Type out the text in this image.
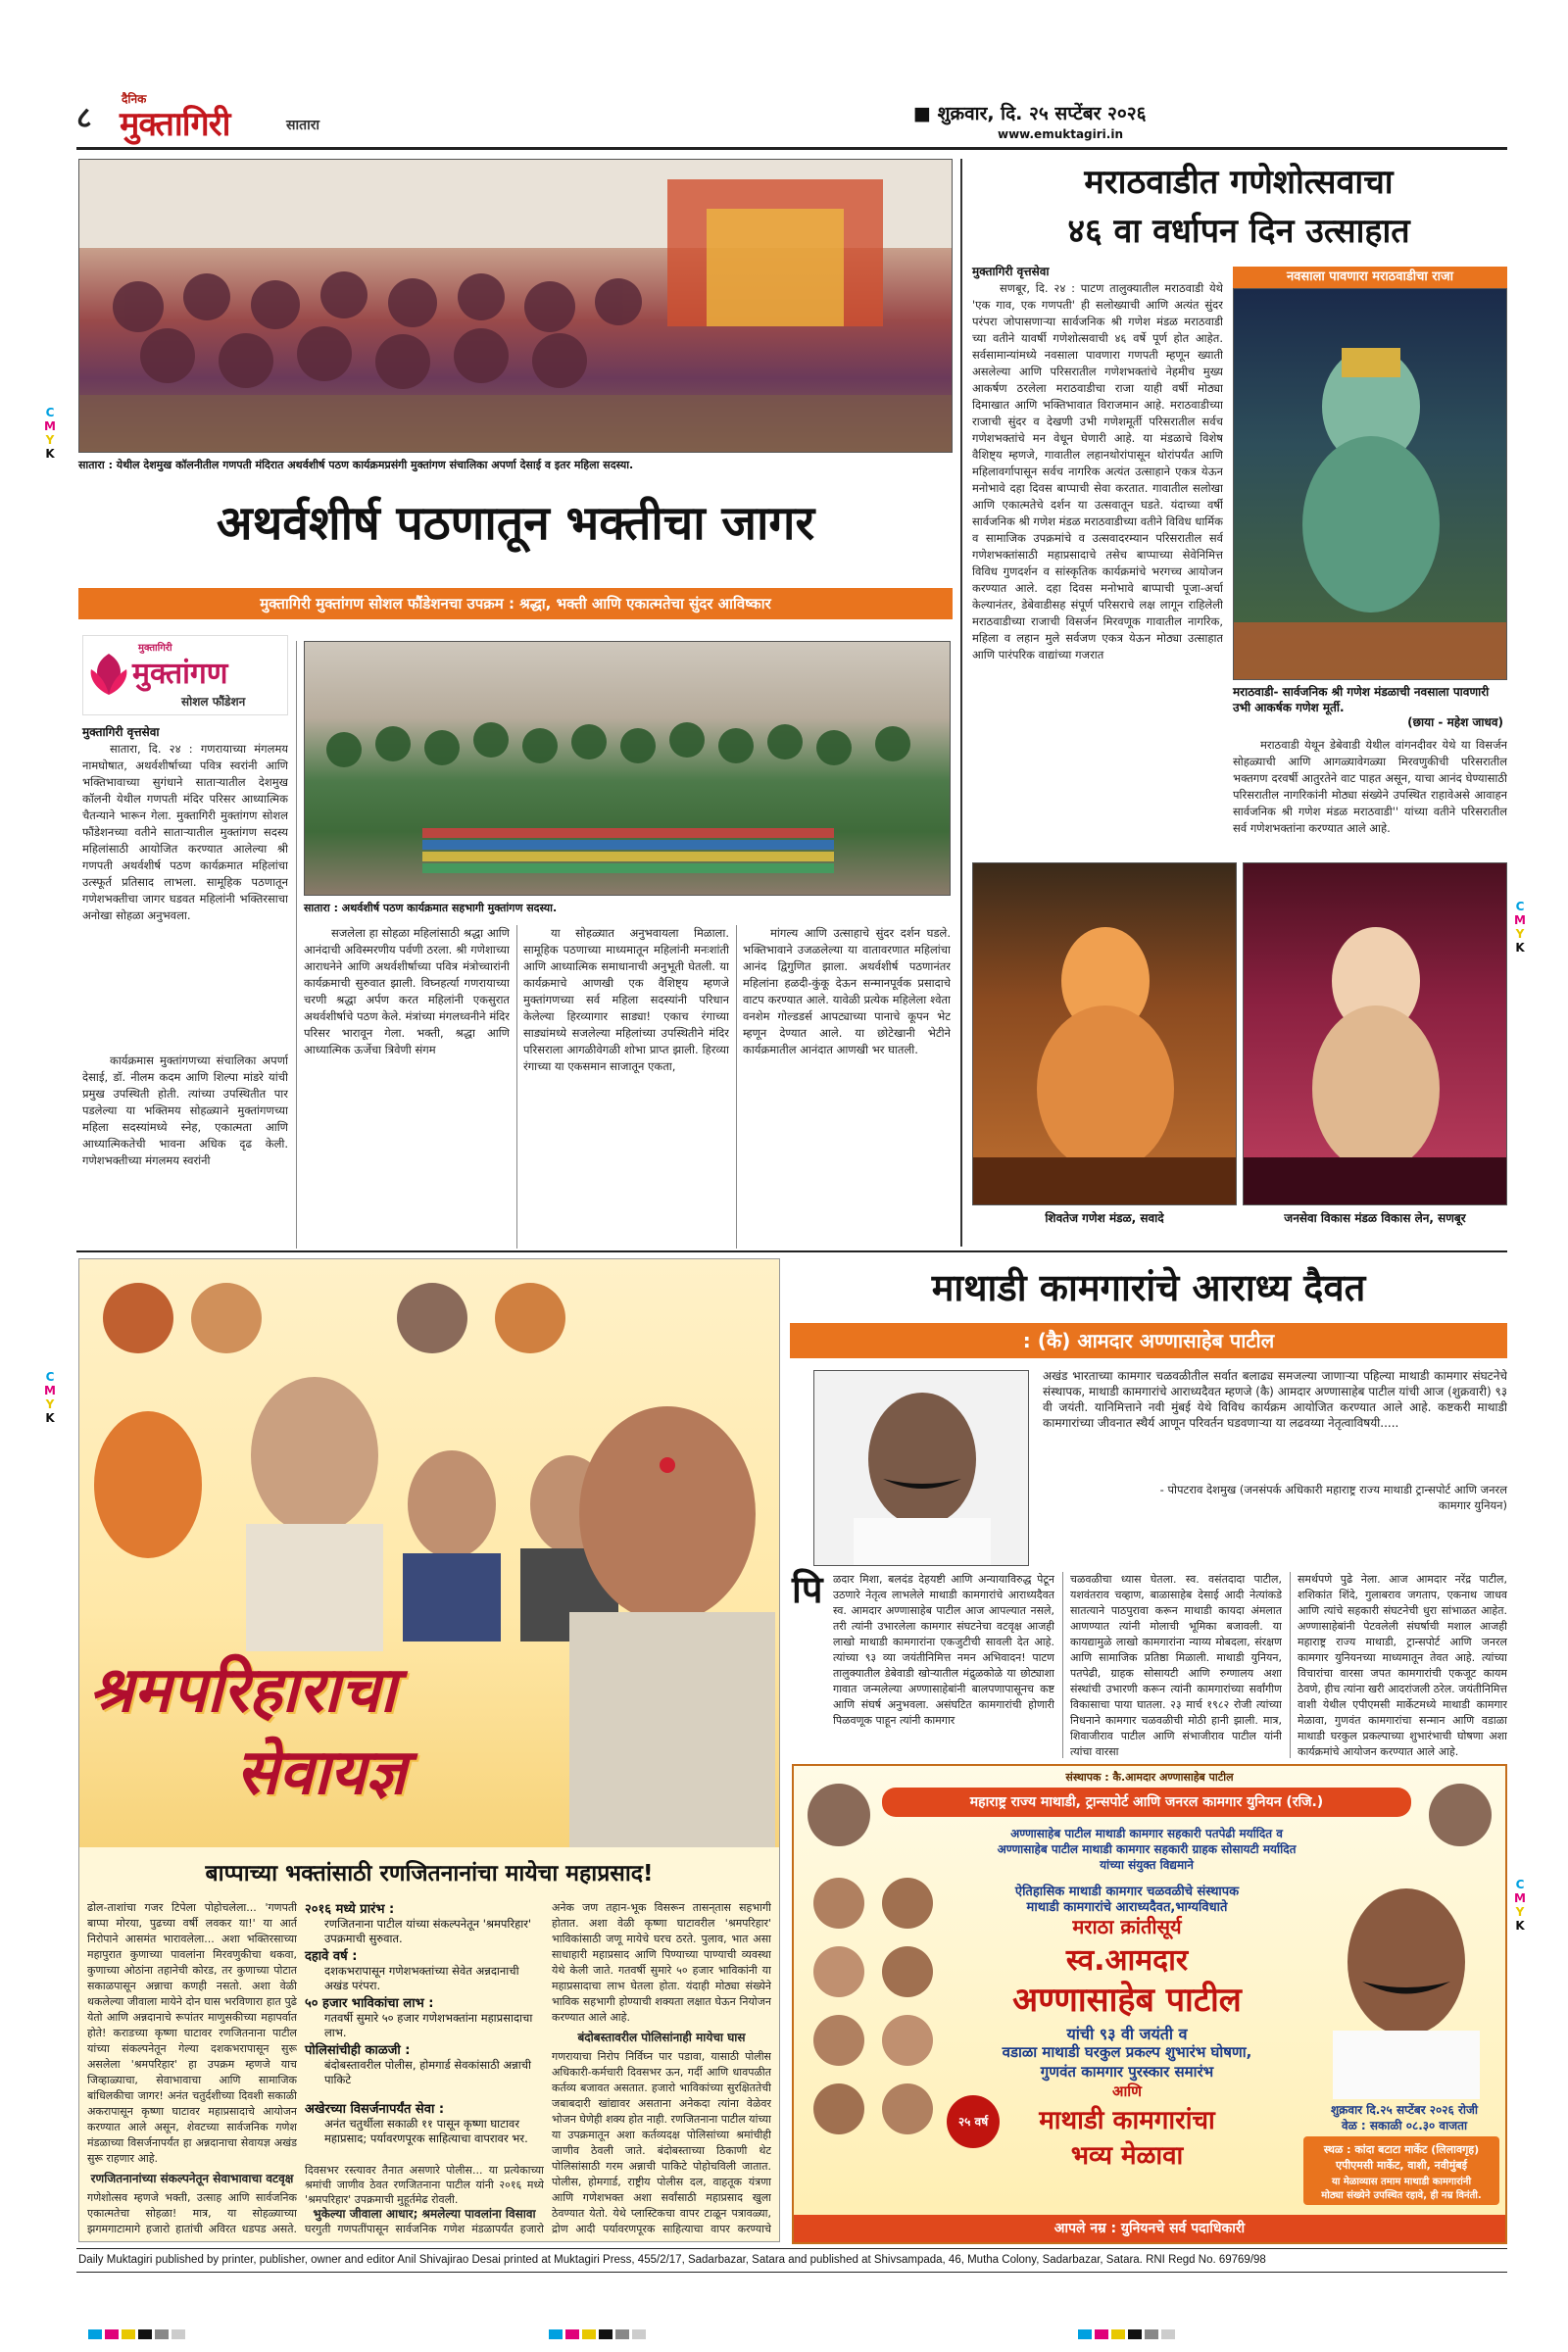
८
दैनिक
मुक्तागिरी	सातारा
■ शुक्रवार, दि. २५ सप्टेंबर २०२६
www.emuktagiri.in
C
M
Y
K
C
M
Y
K
C
M
Y
K
C
M
Y
K
सातारा : येथील देशमुख कॉलनीतील गणपती मंदिरात अथर्वशीर्ष पठण कार्यक्रमप्रसंगी मुक्तांगण संचालिका अपर्णा देसाई व इतर महिला सदस्या.
अथर्वशीर्ष पठणातून भक्तीचा जागर
मुक्तागिरी मुक्तांगण सोशल फौंडेशनचा उपक्रम : श्रद्धा, भक्ती आणि एकात्मतेचा सुंदर आविष्कार
मुक्तागिरी
मुक्तांगण
सोशल फौंडेशन
मुक्तागिरी वृत्तसेवा
सातारा, दि. २४ : गणरायाच्या मंगलमय नामघोषात, अथर्वशीर्षाच्या पवित्र स्वरांनी आणि भक्तिभावाच्या सुगंधाने सातार्‍यातील देशमुख कॉलनी येथील गणपती मंदिर परिसर आध्यात्मिक चैतन्याने भारून गेला. मुक्तागिरी मुक्तांगण सोशल फौंडेशनच्या वतीने सातार्‍यातील मुक्तांगण सदस्य महिलांसाठी आयोजित करण्यात आलेल्या श्री गणपती अथर्वशीर्ष पठण कार्यक्रमात महिलांचा उत्स्फूर्त प्रतिसाद लाभला. सामूहिक पठणातून गणेशभक्तीचा जागर घडवत महिलांनी भक्तिरसाचा अनोखा सोहळा अनुभवला.
कार्यक्रमास मुक्तांगणच्या संचालिका अपर्णा देसाई, डॉ. नीलम कदम आणि शिल्पा मांडरे यांची प्रमुख उपस्थिती होती. त्यांच्या उपस्थितीत पार पडलेल्या या भक्तिमय सोहळ्याने मुक्तांगणच्या महिला सदस्यांमध्ये स्नेह, एकात्मता आणि आध्यात्मिकतेची भावना अधिक दृढ केली. गणेशभक्तीच्या मंगलमय स्वरांनी
सातारा : अथर्वशीर्ष पठण कार्यक्रमात सहभागी मुक्तांगण सदस्या.
सजलेला हा सोहळा महिलांसाठी श्रद्धा आणि आनंदाची अविस्मरणीय पर्वणी ठरला. श्री गणेशाच्या आराधनेने आणि अथर्वशीर्षाच्या पवित्र मंत्रोच्चारांनी कार्यक्रमाची सुरुवात झाली. विघ्नहर्त्या गणरायाच्या चरणी श्रद्धा अर्पण करत महिलांनी एकसुरात अथर्वशीर्षाचे पठण केले. मंत्रांच्या मंगलध्वनीने मंदिर परिसर भारावून गेला. भक्ती, श्रद्धा आणि आध्यात्मिक ऊर्जेचा त्रिवेणी संगम
या सोहळ्यात अनुभवायला मिळाला. सामूहिक पठणाच्या माध्यमातून महिलांनी मनःशांती आणि आध्यात्मिक समाधानाची अनुभूती घेतली. या कार्यक्रमाचे आणखी एक वैशिष्ट्य म्हणजे मुक्तांगणच्या सर्व महिला सदस्यांनी परिधान केलेल्या हिरव्यागार साड्या! एकाच रंगाच्या साड्यांमध्ये सजलेल्या महिलांच्या उपस्थितीने मंदिर परिसराला आगळीवेगळी शोभा प्राप्त झाली. हिरव्या रंगाच्या या एकसमान साजातून एकता,
मांगल्य आणि उत्साहाचे सुंदर दर्शन घडले. भक्तिभावाने उजळलेल्या या वातावरणात महिलांचा आनंद द्विगुणित झाला. अथर्वशीर्ष पठणानंतर महिलांना हळदी-कुंकू देऊन सन्मानपूर्वक प्रसादाचे वाटप करण्यात आले. यावेळी प्रत्येक महिलेला श्वेता वनशेम गोल्डडर्स आपट्याच्या पानाचे कूपन भेट म्हणून देण्यात आले. या छोटेखानी भेटीने कार्यक्रमातील आनंदात आणखी भर घातली.
मराठवाडीत गणेशोत्सवाचा
४६ वा वर्धापन दिन उत्साहात
मुक्तागिरी वृत्तसेवा
सणबूर, दि. २४ : पाटण तालुक्यातील मराठवाडी येथे 'एक गाव, एक गणपती' ही सलोख्याची आणि अत्यंत सुंदर परंपरा जोपासणाऱ्या सार्वजनिक श्री गणेश मंडळ मराठवाडी च्या वतीने यावर्षी गणेशोत्सवाची ४६ वर्षे पूर्ण होत आहेत. सर्वसामान्यांमध्ये नवसाला पावणारा गणपती म्हणून ख्याती असलेल्या आणि परिसरातील गणेशभक्तांचे नेहमीच मुख्य आकर्षण ठरलेला मराठवाडीचा राजा याही वर्षी मोठ्या दिमाखात आणि भक्तिभावात विराजमान आहे. मराठवाडीच्या राजाची सुंदर व देखणी उभी गणेशमूर्ती परिसरातील सर्वच गणेशभक्तांचे मन वेधून घेणारी आहे. या मंडळाचे विशेष वैशिष्ट्य म्हणजे, गावातील लहानथोरांपासून थोरांपर्यंत आणि महिलावर्गापासून सर्वच नागरिक अत्यंत उत्साहाने एकत्र येऊन मनोभावे दहा दिवस बाप्पाची सेवा करतात. गावातील सलोखा आणि एकात्मतेचे दर्शन या उत्सवातून घडते. यंदाच्या वर्षी सार्वजनिक श्री गणेश मंडळ मराठवाडीच्या वतीने विविध धार्मिक व सामाजिक उपक्रमांचे व उत्सवादरम्यान परिसरातील सर्व गणेशभक्तांसाठी महाप्रसादाचे तसेच बाप्पाच्या सेवेनिमित्त विविध गुणदर्शन व सांस्कृतिक कार्यक्रमांचे भरगच्च आयोजन करण्यात आले. दहा दिवस मनोभावे बाप्पाची पूजा-अर्चा केल्यानंतर, डेबेवाडीसह संपूर्ण परिसराचे लक्ष लागून राहिलेली मराठवाडीच्या राजाची विसर्जन मिरवणूक गावातील नागरिक, महिला व लहान मुले सर्वजण एकत्र येऊन मोठ्या उत्साहात आणि पारंपरिक वाद्यांच्या गजरात
नवसाला पावणारा मराठवाडीचा राजा
मराठवाडी- सार्वजनिक श्री गणेश मंडळाची नवसाला पावणारी उभी आकर्षक गणेश मूर्ती.
(छाया - महेश जाधव)
मराठवाडी येथून डेबेवाडी येथील वांगनदीवर येथे या विसर्जन सोहळ्याची आणि आगळ्यावेगळ्या मिरवणुकीची परिसरातील भक्तगण दरवर्षी आतुरतेने वाट पाहत असून, याचा आनंद घेण्यासाठी परिसरातील नागरिकांनी मोठ्या संख्येने उपस्थित राहावेअसे आवाहन सार्वजनिक श्री गणेश मंडळ मराठवाडी'' यांच्या वतीने परिसरातील सर्व गणेशभक्तांना करण्यात आले आहे.
शिवतेज गणेश मंडळ, सवादे	जनसेवा विकास मंडळ विकास लेन, सणबूर
श्रमपरिहाराचा
सेवायज्ञ
बाप्पाच्या भक्तांसाठी रणजितनानांचा मायेचा महाप्रसाद!
ढोल-ताशांचा गजर टिपेला पोहोचलेला... 'गणपती बाप्पा मोरया, पुढच्या वर्षी लवकर या!' या आर्त निरोपाने आसमंत भारावलेला... अशा भक्तिरसाच्या महापुरात कुणाच्या पावलांना मिरवणुकीचा थकवा, कुणाच्या ओठांना तहानेची कोरड, तर कुणाच्या पोटात सकाळपासून अन्नाचा कणही नसतो. अशा वेळी थकलेल्या जीवाला मायेने दोन घास भरविणारा हात पुढे येतो आणि अन्नदानाचे रूपांतर माणुसकीच्या महापर्वात होते! कराडच्या कृष्णा घाटावर रणजितनाना पाटील यांच्या संकल्पनेतून गेल्या दशकभरापासून सुरू असलेला 'श्रमपरिहार' हा उपक्रम म्हणजे याच जिव्हाळ्याचा, सेवाभावाचा आणि सामाजिक बांधिलकीचा जागर! अनंत चतुर्दशीच्या दिवशी सकाळी अकरापासून कृष्णा घाटावर महाप्रसादाचे आयोजन करण्यात आले असून, शेवटच्या सार्वजनिक गणेश मंडळाच्या विसर्जनापर्यंत हा अन्नदानाचा सेवायज्ञ अखंड सुरू राहणार आहे.
रणजितनानांच्या संकल्पनेतून सेवाभावाचा वटवृक्ष
गणेशोत्सव म्हणजे भक्ती, उत्साह आणि सार्वजनिक एकात्मतेचा सोहळा! मात्र, या सोहळ्याच्या झगमगाटामागे हजारो हातांची अविरत धडपड असते.
२०१६ मध्ये प्रारंभ :
रणजितनाना पाटील यांच्या संकल्पनेतून 'श्रमपरिहार' उपक्रमाची सुरुवात.
दहावे वर्ष :
दशकभरापासून गणेशभक्तांच्या सेवेत अन्नदानाची अखंड परंपरा.
५० हजार भाविकांचा लाभ :
गतवर्षी सुमारे ५० हजार गणेशभक्तांना महाप्रसादाचा लाभ.
पोलिसांचीही काळजी :
बंदोबस्तावरील पोलीस, होमगार्ड सेवकांसाठी अन्नाची पाकिटे
अखेरच्या विसर्जनापर्यंत सेवा :
अनंत चतुर्थीला सकाळी ११ पासून कृष्णा घाटावर महाप्रसाद; पर्यावरणपूरक साहित्याचा वापरावर भर.
दिवसभर रस्त्यावर तैनात असणारे पोलीस... या प्रत्येकाच्या श्रमांची जाणीव ठेवत रणजितनाना पाटील यांनी २०१६ मध्ये 'श्रमपरिहार' उपक्रमाची मुहूर्तमेढ रोवली.
भुकेल्या जीवाला आधार; श्रमलेल्या पावलांना विसावा
घरगुती गणपतींपासून सार्वजनिक गणेश मंडळापर्यंत हजारो
अनेक जण तहान-भूक विसरून तासन्‌तास सहभागी होतात. अशा वेळी कृष्णा घाटावरील 'श्रमपरिहार' भाविकांसाठी जणू मायेचे घरच ठरते. पुलाव, भात असा साधाहारी महाप्रसाद आणि पिण्याच्या पाण्याची व्यवस्था येथे केली जाते. गतवर्षी सुमारे ५० हजार भाविकांनी या महाप्रसादाचा लाभ घेतला होता. यंदाही मोठ्या संख्येने भाविक सहभागी होण्याची शक्यता लक्षात घेऊन नियोजन करण्यात आले आहे.
बंदोबस्तावरील पोलिसांनाही मायेचा घास
गणरायाचा निरोप निर्विघ्न पार पडावा, यासाठी पोलीस अधिकारी-कर्मचारी दिवसभर ऊन, गर्दी आणि धावपळीत कर्तव्य बजावत असतात. हजारो भाविकांच्या सुरक्षिततेची जबाबदारी खांद्यावर असताना अनेकदा त्यांना वेळेवर भोजन घेणेही शक्य होत नाही. रणजितनाना पाटील यांच्या या उपक्रमातून अशा कर्तव्यदक्ष पोलिसांच्या श्रमांचीही जाणीव ठेवली जाते. बंदोबस्ताच्या ठिकाणी थेट पोलिसांसाठी गरम अन्नाची पाकिटे पोहोचविली जातात. पोलीस, होमगार्ड, राष्ट्रीय पोलीस दल, वाहतूक यंत्रणा आणि गणेशभक्त अशा सर्वांसाठी महाप्रसाद खुला ठेवण्यात येतो. येथे प्लास्टिकचा वापर टाळून पत्रावळ्या, द्रोण आदी पर्यावरणपूरक साहित्याचा वापर करण्याचे
माथाडी कामगारांचे आराध्य दैवत
: (कै) आमदार अण्णासाहेब पाटील
अखंड भारताच्या कामगार चळवळीतील सर्वात बलाढ्य समजल्या जाणाऱ्या पहिल्या माथाडी कामगार संघटनेचे संस्थापक, माथाडी कामगारांचे आराध्यदैवत म्हणजे (कै) आमदार अण्णासाहेब पाटील यांची आज (शुक्रवारी) ९३ वी जयंती. यानिमित्ताने नवी मुंबई येथे विविध कार्यक्रम आयोजित करण्यात आले आहे. कष्टकरी माथाडी कामगारांच्या जीवनात स्थैर्य आणून परिवर्तन घडवणाऱ्या या लढवय्या नेतृत्वाविषयी.....
- पोपटराव देशमुख (जनसंपर्क अधिकारी महाराष्ट्र राज्य माथाडी ट्रान्सपोर्ट आणि जनरल कामगार युनियन)
पि ळदार मिशा, बलदंड देहयष्टी आणि अन्यायाविरुद्ध पेटून उठणारे नेतृत्व लाभलेले माथाडी कामगारांचे आराध्यदैवत स्व. आमदार अण्णासाहेब पाटील आज आपल्यात नसले, तरी त्यांनी उभारलेला कामगार संघटनेचा वटवृक्ष आजही लाखो माथाडी कामगारांना एकजुटीची सावली देत आहे. त्यांच्या ९३ व्या जयंतीनिमित्त नमन अभिवादन! पाटण तालुक्यातील डेबेवाडी खोऱ्यातील मंद्रुळकोळे या छोट्याशा गावात जन्मलेल्या अण्णासाहेबांनी बालपणापासूनच कष्ट आणि संघर्ष अनुभवला. असंघटित कामगारांची होणारी पिळवणूक पाहून त्यांनी कामगार
चळवळीचा ध्यास घेतला. स्व. वसंतदादा पाटील, यशवंतराव चव्हाण, बाळासाहेब देसाई आदी नेत्यांकडे सातत्याने पाठपुरावा करून माथाडी कायदा अंमलात आणण्यात त्यांनी मोलाची भूमिका बजावली. या कायद्यामुळे लाखो कामगारांना न्याय्य मोबदला, संरक्षण आणि सामाजिक प्रतिष्ठा मिळाली. माथाडी युनियन, पतपेढी, ग्राहक सोसायटी आणि रुग्णालय अशा संस्थांची उभारणी करून त्यांनी कामगारांच्या सर्वांगीण विकासाचा पाया घातला. २३ मार्च १९८२ रोजी त्यांच्या निधनाने कामगार चळवळीची मोठी हानी झाली. मात्र, शिवाजीराव पाटील आणि संभाजीराव पाटील यांनी त्यांचा वारसा
समर्थपणे पुढे नेला. आज आमदार नरेंद्र पाटील, शशिकांत शिंदे, गुलाबराव जगताप, एकनाथ जाधव आणि त्यांचे सहकारी संघटनेची धुरा सांभाळत आहेत. अण्णासाहेबांनी पेटवलेली संघर्षाची मशाल आजही महाराष्ट्र राज्य माथाडी, ट्रान्सपोर्ट आणि जनरल कामगार युनियनच्या माध्यमातून तेवत आहे. त्यांच्या विचारांचा वारसा जपत कामगारांची एकजूट कायम ठेवणे, हीच त्यांना खरी आदरांजली ठरेल. जयंतीनिमित्त वाशी येथील एपीएमसी मार्केटमध्ये माथाडी कामगार मेळावा, गुणवंत कामगारांचा सन्मान आणि वडाळा माथाडी घरकुल प्रकल्पाच्या शुभारंभाची घोषणा अशा कार्यक्रमांचे आयोजन करण्यात आले आहे.
संस्थापक : कै.आमदार अण्णासाहेब पाटील
महाराष्ट्र राज्य माथाडी, ट्रान्सपोर्ट आणि जनरल कामगार युनियन (रजि.)
अण्णासाहेब पाटील माथाडी कामगार सहकारी पतपेढी मर्यादित व
अण्णासाहेब पाटील माथाडी कामगार सहकारी ग्राहक सोसायटी मर्यादित
यांच्या संयुक्त विद्यमाने
ऐतिहासिक माथाडी कामगार चळवळीचे संस्थापक
माथाडी कामगारांचे आराध्यदैवत,भाग्यविधाते
मराठा क्रांतीसूर्य
स्व.आमदार
अण्णासाहेब पाटील
यांची ९३ वी जयंती व
वडाळा माथाडी घरकुल प्रकल्प शुभारंभ घोषणा,
गुणवंत कामगार पुरस्कार समारंभ
आणि
माथाडी कामगारांचा
भव्य मेळावा
२५ वर्ष
शुक्रवार दि.२५ सप्टेंबर २०२६ रोजी
वेळ : सकाळी ०८.३० वाजता
स्थळ : कांदा बटाटा मार्केट (लिलावगृह)
एपीएमसी मार्केट, वाशी, नवीमुंबई
या मेळाव्यास तमाम माथाडी कामगारांनी
मोठ्या संख्येने उपस्थित रहावे, ही नम्र विनंती.
आपले नम्र : युनियनचे सर्व पदाधिकारी
Daily Muktagiri published by printer, publisher, owner and editor Anil Shivajirao Desai printed at Muktagiri Press, 455/2/17, Sadarbazar, Satara and published at Shivsampada, 46, Mutha Colony, Sadarbazar, Satara. RNI Regd No. 69769/98
